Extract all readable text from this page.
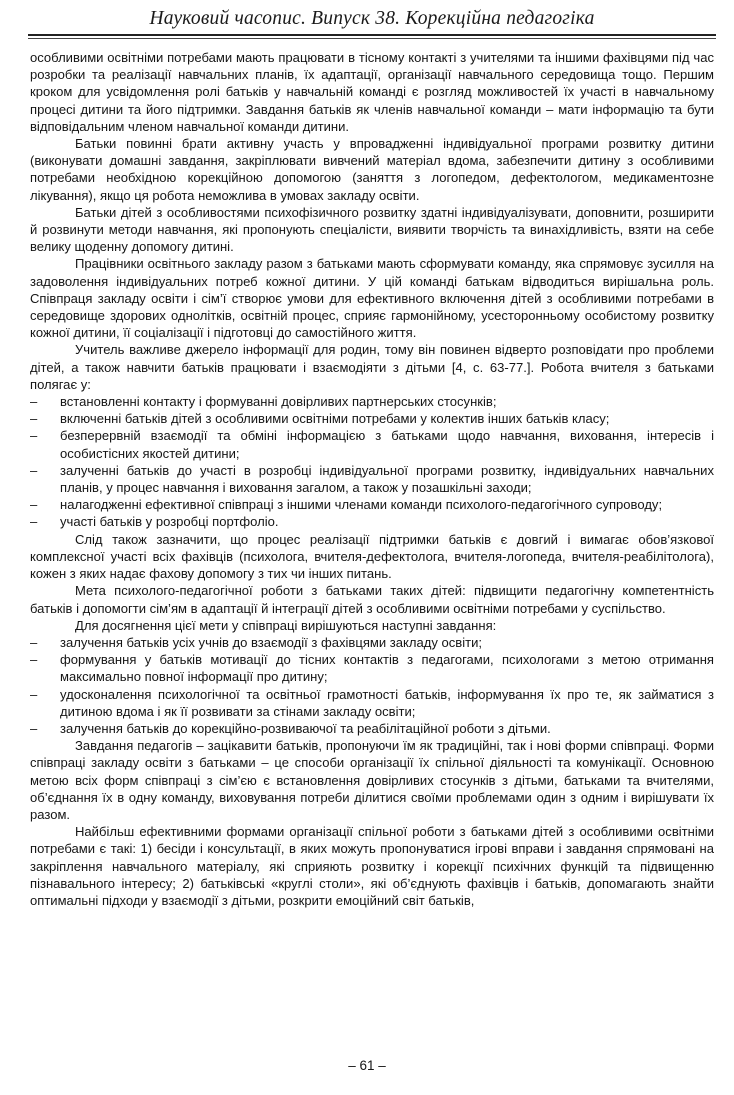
Науковий часопис. Випуск 38. Корекційна педагогіка

особливими освітніми потребами мають працювати в тісному контакті з учителями та іншими фахівцями під час розробки та реалізації навчальних планів, їх адаптації, організації навчального середовища тощо. Першим кроком для усвідомлення ролі батьків у навчальній команді є розгляд можливостей їх участі в навчальному процесі дитини та його підтримки. Завдання батьків як членів навчальної команди – мати інформацію та бути відповідальним членом навчальної команди дитини.

Батьки повинні брати активну участь у впровадженні індивідуальної програми розвитку дитини (виконувати домашні завдання, закріплювати вивчений матеріал вдома, забезпечити дитину з особливими потребами необхідною корекційною допомогою (заняття з логопедом, дефектологом, медикаментозне лікування), якщо ця робота неможлива в умовах закладу освіти.

Батьки дітей з особливостями психофізичного розвитку здатні індивідуалізувати, доповнити, розширити й розвинути методи навчання, які пропонують спеціалісти, виявити творчість та винахідливість, взяти на себе велику щоденну допомогу дитині.

Працівники освітнього закладу разом з батьками мають сформувати команду, яка спрямовує зусилля на задоволення індивідуальних потреб кожної дитини. У цій команді батькам відводиться вирішальна роль. Співпраця закладу освіти і сім’ї створює умови для ефективного включення дітей з особливими потребами в середовище здорових однолітків, освітній процес, сприяє гармонійному, усесторонньому особистому розвитку кожної дитини, її соціалізації і підготовці до самостійного життя.

Учитель важливе джерело інформації для родин, тому він повинен відверто розповідати про проблеми дітей, а також навчити батьків працювати і взаємодіяти з дітьми [4, с. 63-77.]. Робота вчителя з батьками полягає у:

–	встановленні контакту і формуванні довірливих партнерських стосунків;

–	включенні батьків дітей з особливими освітніми потребами у колектив інших батьків класу;

–	безперервній взаємодії та обміні інформацією з батьками щодо навчання, виховання, інтересів і особистісних якостей дитини;

–	залученні батьків до участі в розробці індивідуальної програми розвитку, індивідуальних навчальних планів, у процес навчання і виховання загалом, а також у позашкільні заходи;

–	налагодженні ефективної співпраці з іншими членами команди психолого-педагогічного супроводу;

–	участі батьків у розробці портфоліо.

Слід також зазначити, що процес реалізації підтримки батьків є довгий і вимагає обов’язкової комплексної участі всіх фахівців (психолога, вчителя-дефектолога, вчителя-логопеда, вчителя-реабілітолога), кожен з яких надає фахову допомогу з тих чи інших питань.

Мета психолого-педагогічної роботи з батьками таких дітей: підвищити педагогічну компетентність батьків і допомогти сім’ям в адаптації й інтеграції дітей з особливими освітніми потребами у суспільство.

Для досягнення цієї мети у співпраці вирішуються наступні завдання:

–	залучення батьків усіх учнів до взаємодії з фахівцями закладу освіти;

–	формування у батьків мотивації до тісних контактів з педагогами, психологами з метою отримання максимально повної інформації про дитину;

–	удосконалення психологічної та освітньої грамотності батьків, інформування їх про те, як займатися з дитиною вдома і як її розвивати за стінами закладу освіти;

–	залучення батьків до корекційно-розвиваючої та реабілітаційної роботи з дітьми.

Завдання педагогів – зацікавити батьків, пропонуючи їм як традиційні, так і нові форми співпраці. Форми співпраці закладу освіти з батьками – це способи організації їх спільної діяльності та комунікації. Основною метою всіх форм співпраці з сім’єю є встановлення довірливих стосунків з дітьми, батьками та вчителями, об’єднання їх в одну команду, виховування потреби ділитися своїми проблемами один з одним і вирішувати їх разом.

Найбільш ефективними формами організації спільної роботи з батьками дітей з особливими освітніми потребами є такі: 1) бесіди і консультації, в яких можуть пропонуватися ігрові вправи і завдання спрямовані на закріплення навчального матеріалу, які сприяють розвитку і корекції психічних функцій та підвищенню пізнавального інтересу; 2) батьківські «круглі столи», які об’єднують фахівців і батьків, допомагають знайти оптимальні підходи у взаємодії з дітьми, розкрити емоційний світ батьків,

– 61 –
